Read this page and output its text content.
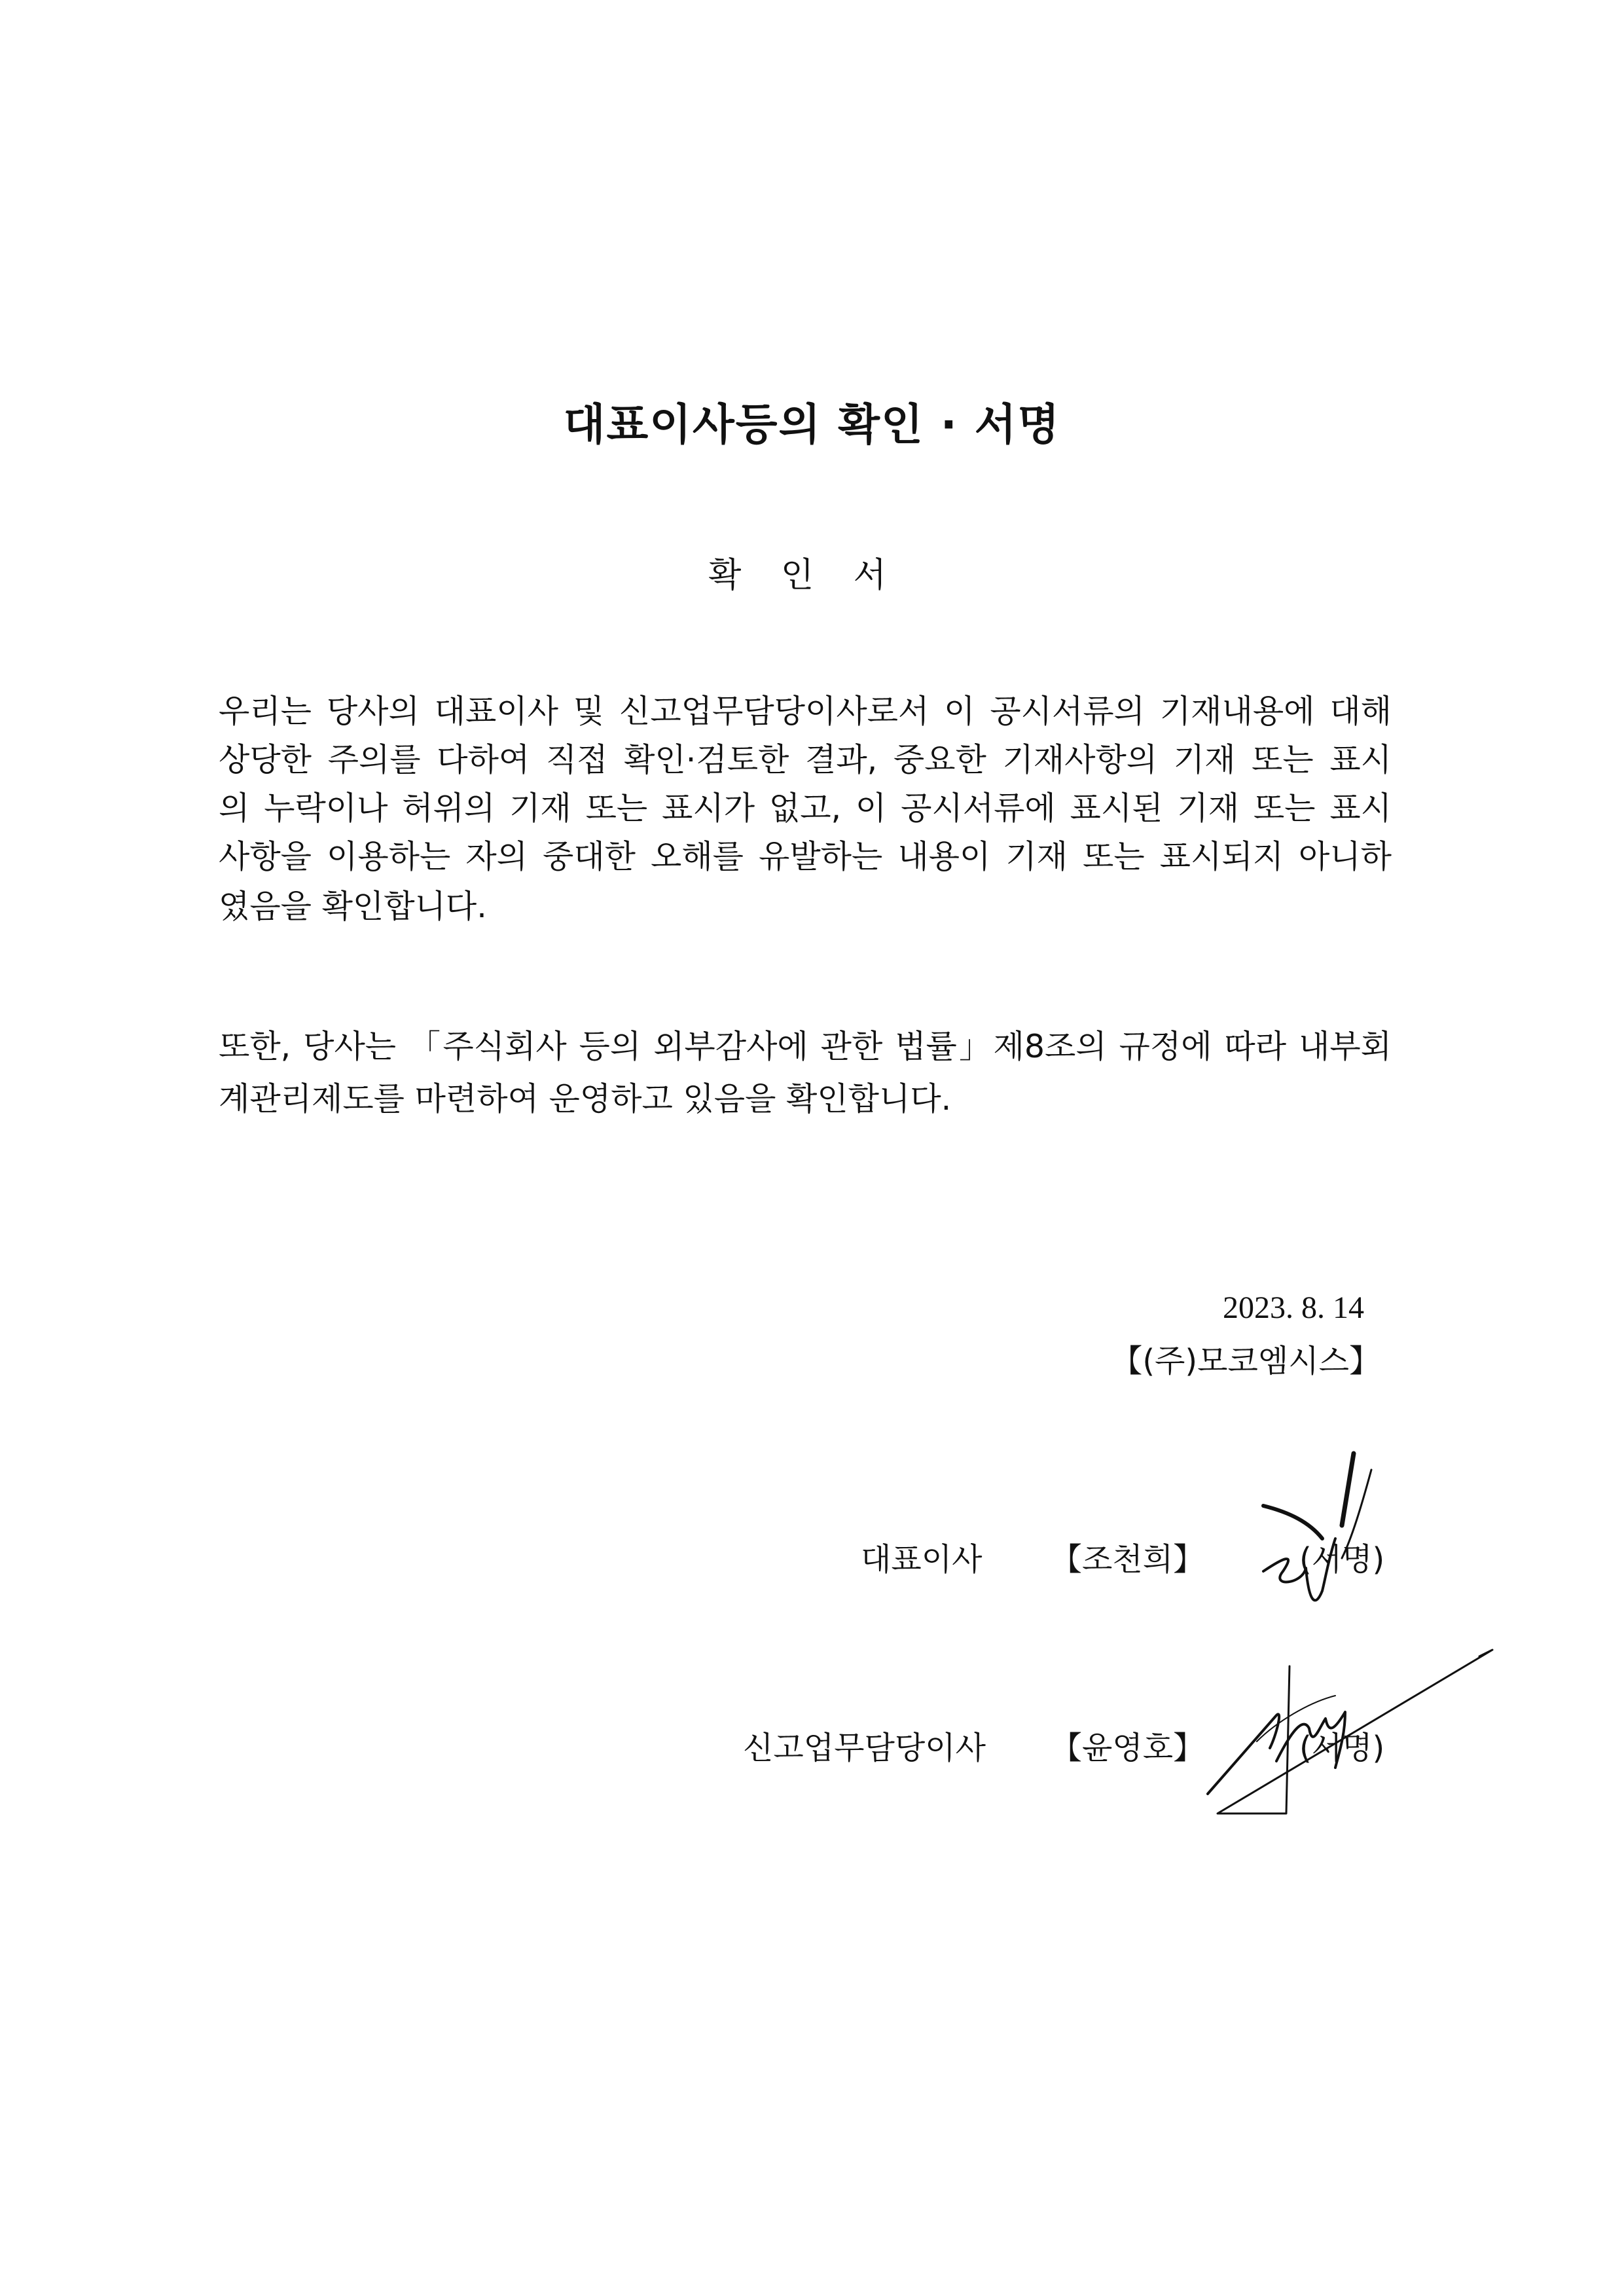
대표이사등의 확인 · 서명
확 인 서
우리는 당사의 대표이사 및 신고업무담당이사로서 이 공시서류의 기재내용에 대해
상당한 주의를 다하여 직접 확인·검토한 결과, 중요한 기재사항의 기재 또는 표시
의 누락이나 허위의 기재 또는 표시가 없고, 이 공시서류에 표시된 기재 또는 표시
사항을 이용하는 자의 중대한 오해를 유발하는 내용이 기재 또는 표시되지 아니하
였음을 확인합니다.
또한, 당사는 「주식회사 등의 외부감사에 관한 법률」제8조의 규정에 따라 내부회
계관리제도를 마련하여 운영하고 있음을 확인합니다.
2023. 8. 14
【(주)모코엠시스】
대표이사 【조천희】	(서명)
신고업무담당이사 【윤영호】	(서명)
